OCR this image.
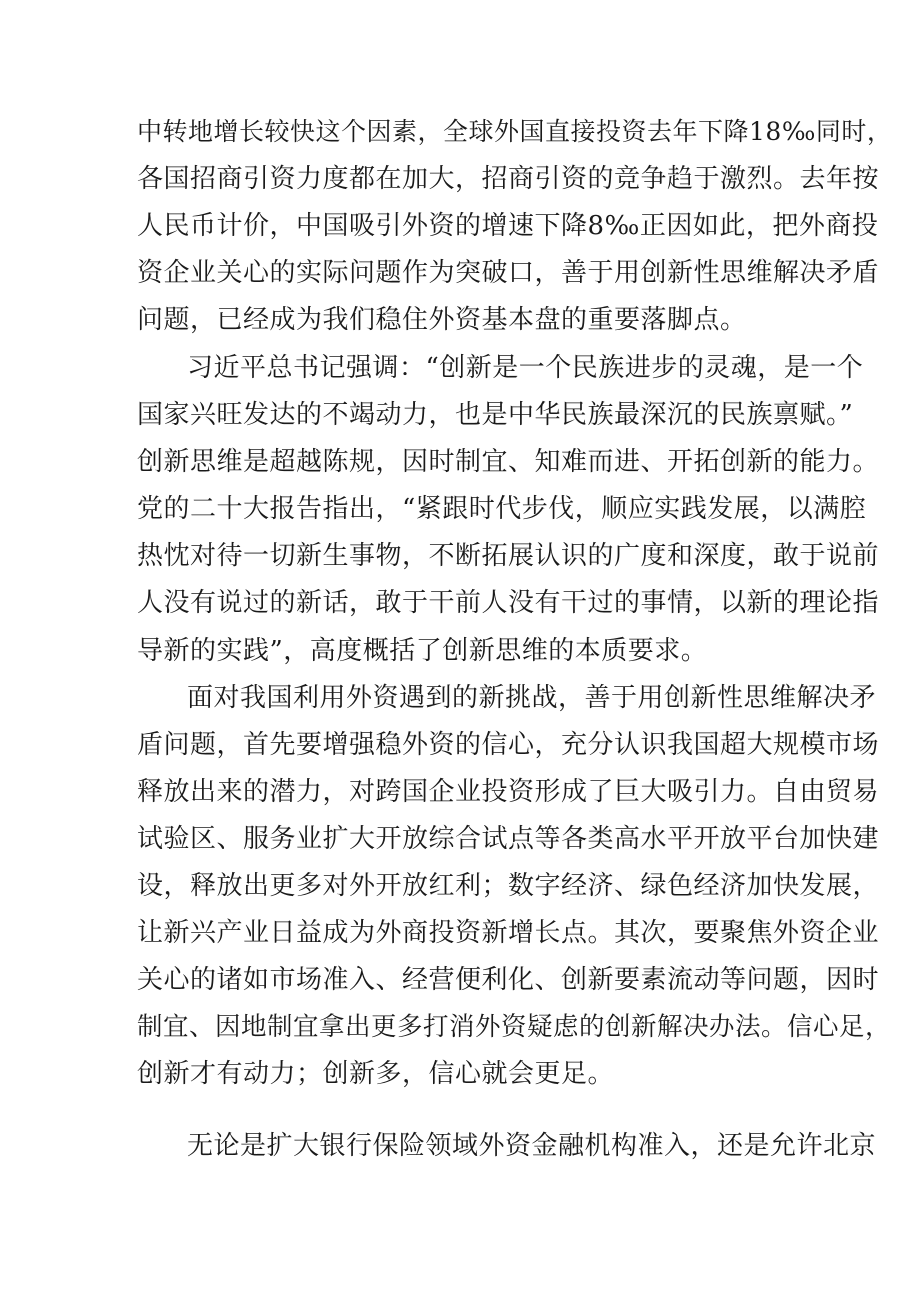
中转地增长较快这个因素，全球外国直接投资去年下降18‰同时，

各国招商引资力度都在加大，招商引资的竞争趋于激烈。去年按

人民币计价，中国吸引外资的增速下降8‰正因如此，把外商投

资企业关心的实际问题作为突破口，善于用创新性思维解决矛盾

问题，已经成为我们稳住外资基本盘的重要落脚点。

习近平总书记强调：“创新是一个民族进步的灵魂，是一个

国家兴旺发达的不竭动力，也是中华民族最深沉的民族禀赋。”

创新思维是超越陈规，因时制宜、知难而进、开拓创新的能力。

党的二十大报告指出，“紧跟时代步伐，顺应实践发展，以满腔

热忱对待一切新生事物，不断拓展认识的广度和深度，敢于说前

人没有说过的新话，敢于干前人没有干过的事情，以新的理论指

导新的实践”，高度概括了创新思维的本质要求。

面对我国利用外资遇到的新挑战，善于用创新性思维解决矛

盾问题，首先要增强稳外资的信心，充分认识我国超大规模市场

释放出来的潜力，对跨国企业投资形成了巨大吸引力。自由贸易

试验区、服务业扩大开放综合试点等各类高水平开放平台加快建

设，释放出更多对外开放红利；数字经济、绿色经济加快发展，

让新兴产业日益成为外商投资新增长点。其次，要聚焦外资企业

关心的诸如市场准入、经营便利化、创新要素流动等问题，因时

制宜、因地制宜拿出更多打消外资疑虑的创新解决办法。信心足，

创新才有动力；创新多，信心就会更足。

无论是扩大银行保险领域外资金融机构准入，还是允许北京
